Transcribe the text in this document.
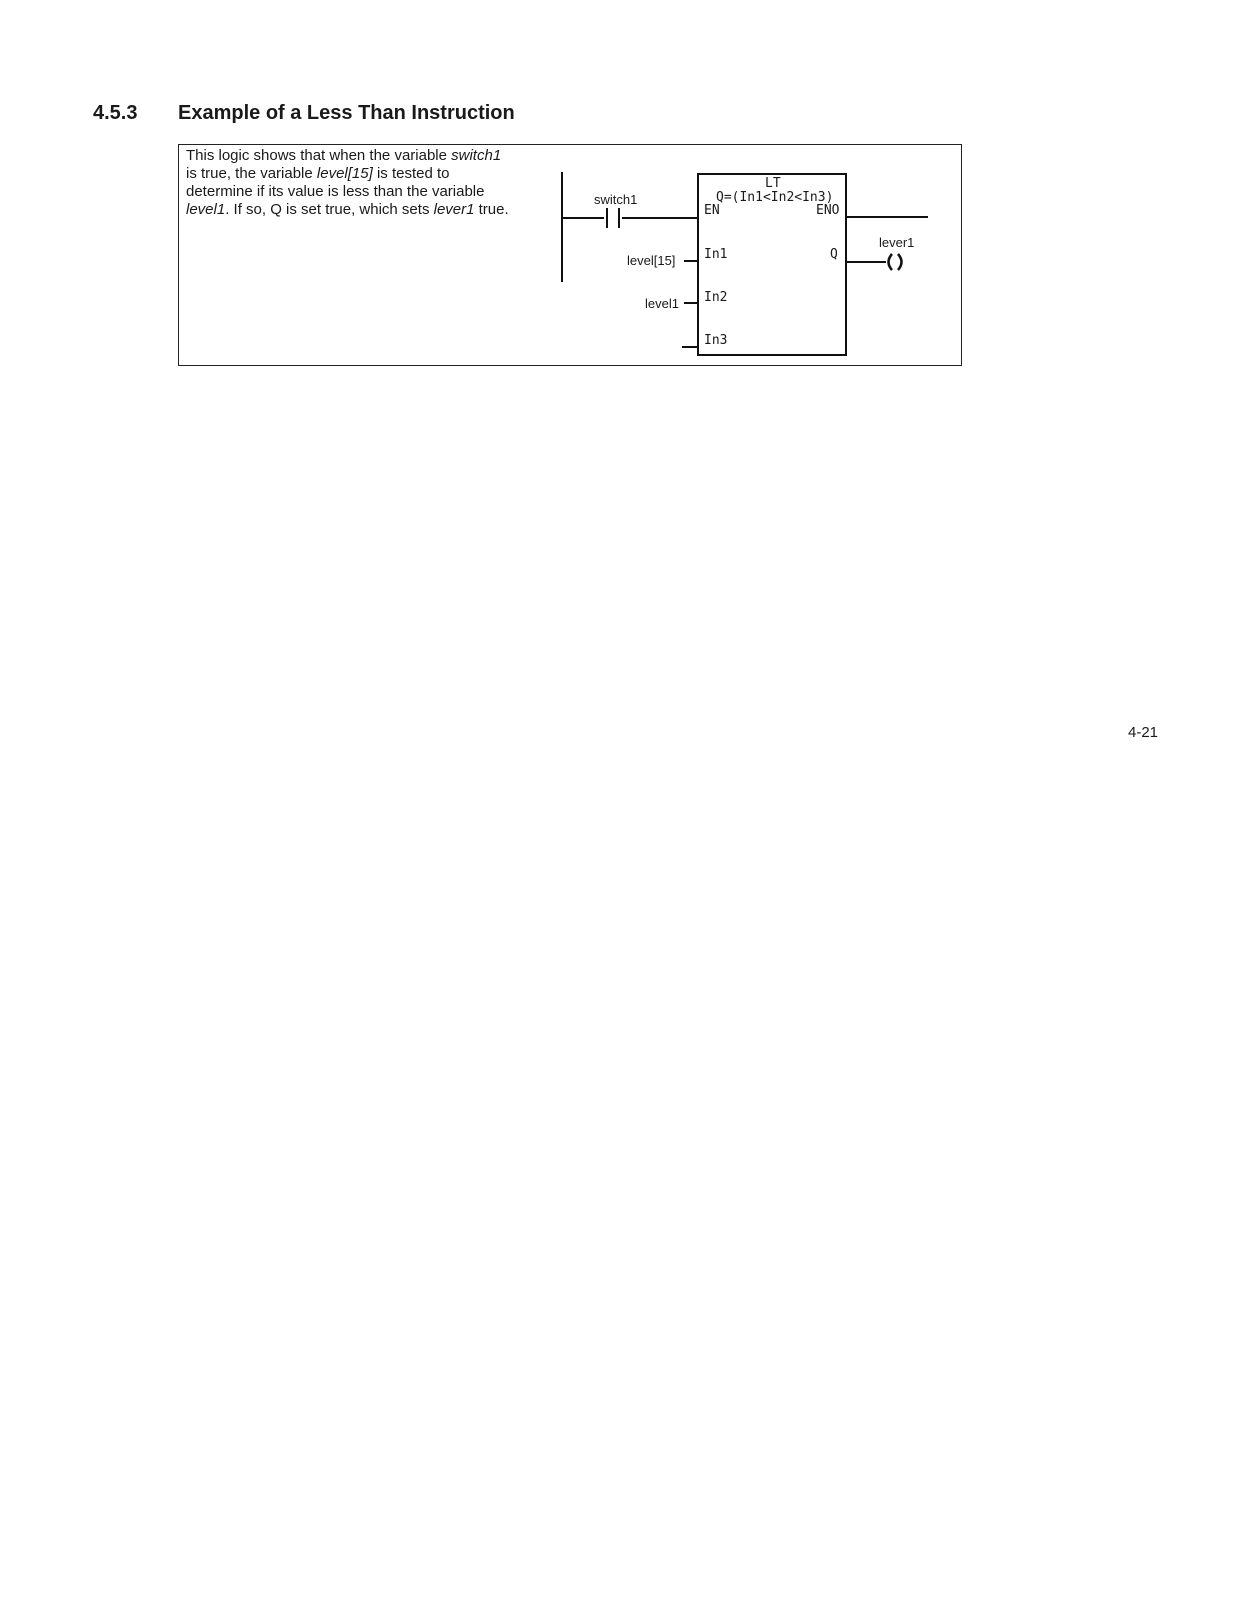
4.5.3 Example of a Less Than Instruction
This logic shows that when the variable switch1
is true, the variable level[15] is tested to
determine if its value is less than the variable
level1. If so, Q is set true, which sets lever1 true.
switch1
LT
Q=(In1<In2<In3)
EN	ENO
In1	Q
In2
In3
level[15]
level1
lever1
4-21
